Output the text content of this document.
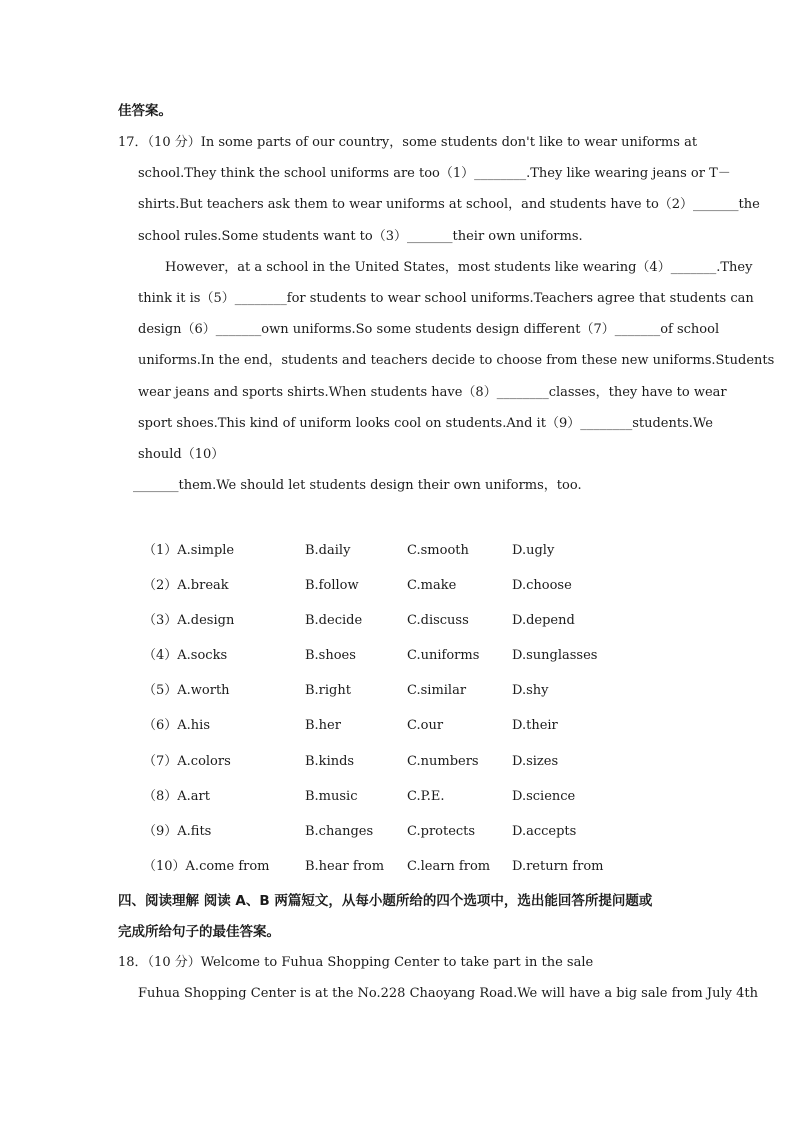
佳答案。
17．（10 分）In some parts of our country，some students don't like to wear uniforms at
school.They think the school uniforms are too（1）________.They like wearing jeans or T－
shirts.But teachers ask them to wear uniforms at school，and students have to（2）_______the
school rules.Some students want to（3）_______their own uniforms.
However，at a school in the United States，most students like wearing（4）_______.They
think it is（5）________for students to wear school uniforms.Teachers agree that students can
design（6）_______own uniforms.So some students design different（7）_______of school
uniforms.In the end，students and teachers decide to choose from these new uniforms.Students
wear jeans and sports shirts.When students have（8）________classes，they have to wear
sport shoes.This kind of uniform looks cool on students.And it（9）________students.We
should（10）
_______them.We should let students design their own uniforms，too.
（1）A.simple	B.daily	C.smooth	D.ugly
（2）A.break	B.follow	C.make	D.choose
（3）A.design	B.decide	C.discuss	D.depend
（4）A.socks	B.shoes	C.uniforms	D.sunglasses
（5）A.worth	B.right	C.similar	D.shy
（6）A.his	B.her	C.our	D.their
（7）A.colors	B.kinds	C.numbers	D.sizes
（8）A.art	B.music	C.P.E.	D.science
（9）A.fits	B.changes	C.protects	D.accepts
（10）A.come from	B.hear from C.learn from D.return from
四、阅读理解 阅读 A、B 两篇短文，从每小题所给的四个选项中，选出能回答所提问题或
完成所给句子的最佳答案。
18．（10 分）Welcome to Fuhua Shopping Center to take part in the sale
Fuhua Shopping Center is at the No.228 Chaoyang Road.We will have a big sale from July 4th
